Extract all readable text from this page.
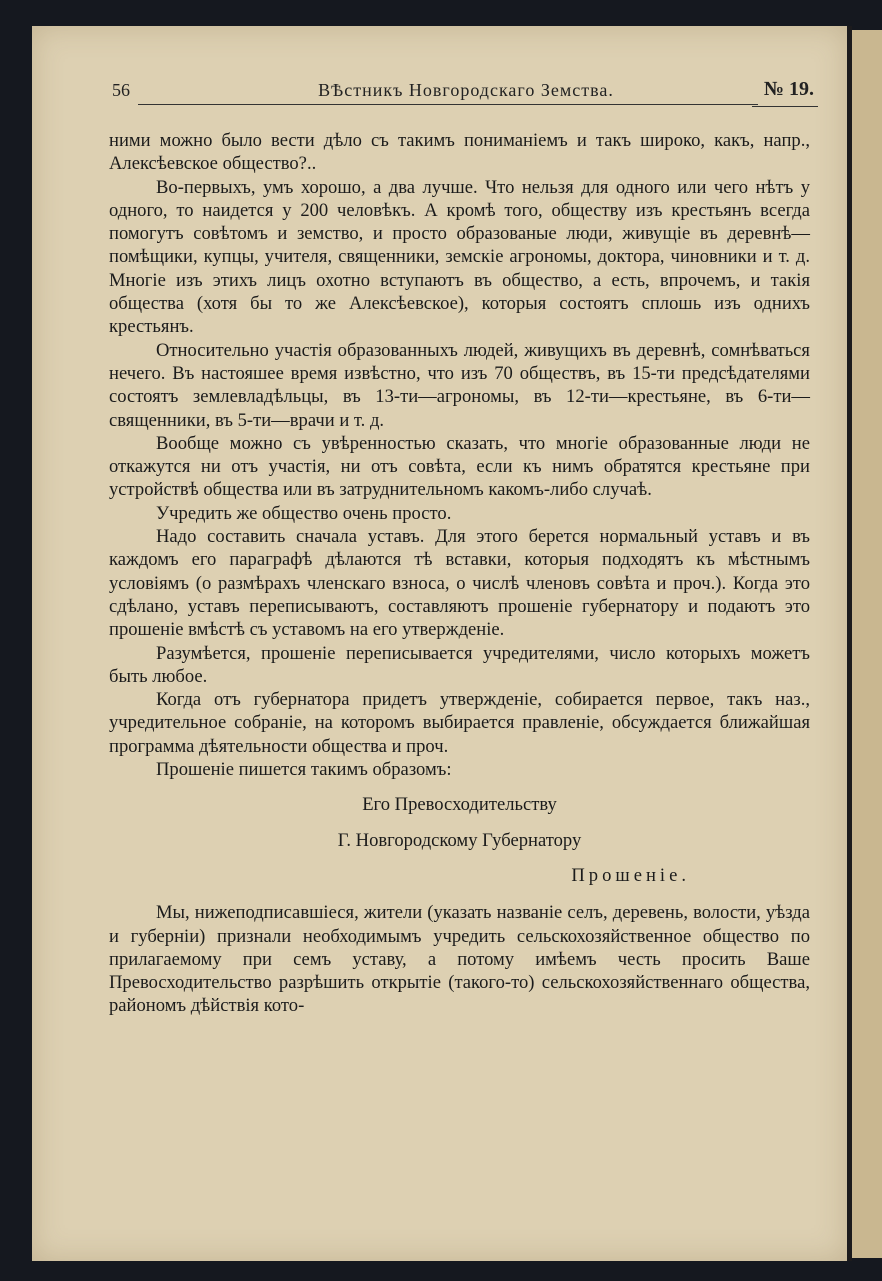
56	ВѢстникъ Новгородскаго Земства.	№ 19.

ними можно было вести дѣло съ такимъ пониманіемъ и такъ широко, какъ, напр., Алексѣевское общество?..

Во-первыхъ, умъ хорошо, а два лучше. Что нельзя для одного или чего нѣтъ у одного, то наидется у 200 человѣкъ. А кромѣ того, обществу изъ крестьянъ всегда помогутъ совѣтомъ и земство, и просто образованые люди, живущіе въ деревнѣ—помѣщики, купцы, учителя, священники, земскіе агрономы, доктора, чиновники и т. д. Многіе изъ этихъ лицъ охотно вступаютъ въ общество, а есть, впрочемъ, и такія общества (хотя бы то же Алексѣевское), которыя состоятъ сплошь изъ однихъ крестьянъ.

Относительно участія образованныхъ людей, живущихъ въ деревнѣ, сомнѣваться нечего. Въ настояшее время извѣстно, что изъ 70 обществъ, въ 15-ти предсѣдателями состоятъ землевладѣльцы, въ 13-ти—агрономы, въ 12-ти—крестьяне, въ 6-ти—священники, въ 5-ти—врачи и т. д.

Вообще можно съ увѣренностью сказать, что многіе образованные люди не откажутся ни отъ участія, ни отъ совѣта, если къ нимъ обратятся крестьяне при устройствѣ общества или въ затруднительномъ какомъ-либо случаѣ.

Учредить же общество очень просто.

Надо составить сначала уставъ. Для этого берется нормальный уставъ и въ каждомъ его параграфѣ дѣлаются тѣ вставки, которыя подходятъ къ мѣстнымъ условіямъ (о размѣрахъ членскаго взноса, о числѣ членовъ совѣта и проч.). Когда это сдѣлано, уставъ переписываютъ, составляютъ прошеніе губернатору и подаютъ это прошеніе вмѣстѣ съ уставомъ на его утвержденіе.

Разумѣется, прошеніе переписывается учредителями, число которыхъ можетъ быть любое.

Когда отъ губернатора придетъ утвержденіе, собирается первое, такъ наз., учредительное собраніе, на которомъ выбирается правленіе, обсуждается ближайшая программа дѣятельности общества и проч.

Прошеніе пишется такимъ образомъ:

Его Превосходительству

Г. Новгородскому Губернатору

Прошеніе.

Мы, нижеподписавшіеся, жители (указать названіе селъ, деревень, волости, уѣзда и губерніи) признали необходимымъ учредить сельскохозяйственное общество по прилагаемому при семъ уставу, а потому имѣемъ честь просить Ваше Превосходительство разрѣшить открытіе (такого-то) сельскохозяйственнаго общества, райономъ дѣйствія кото-
